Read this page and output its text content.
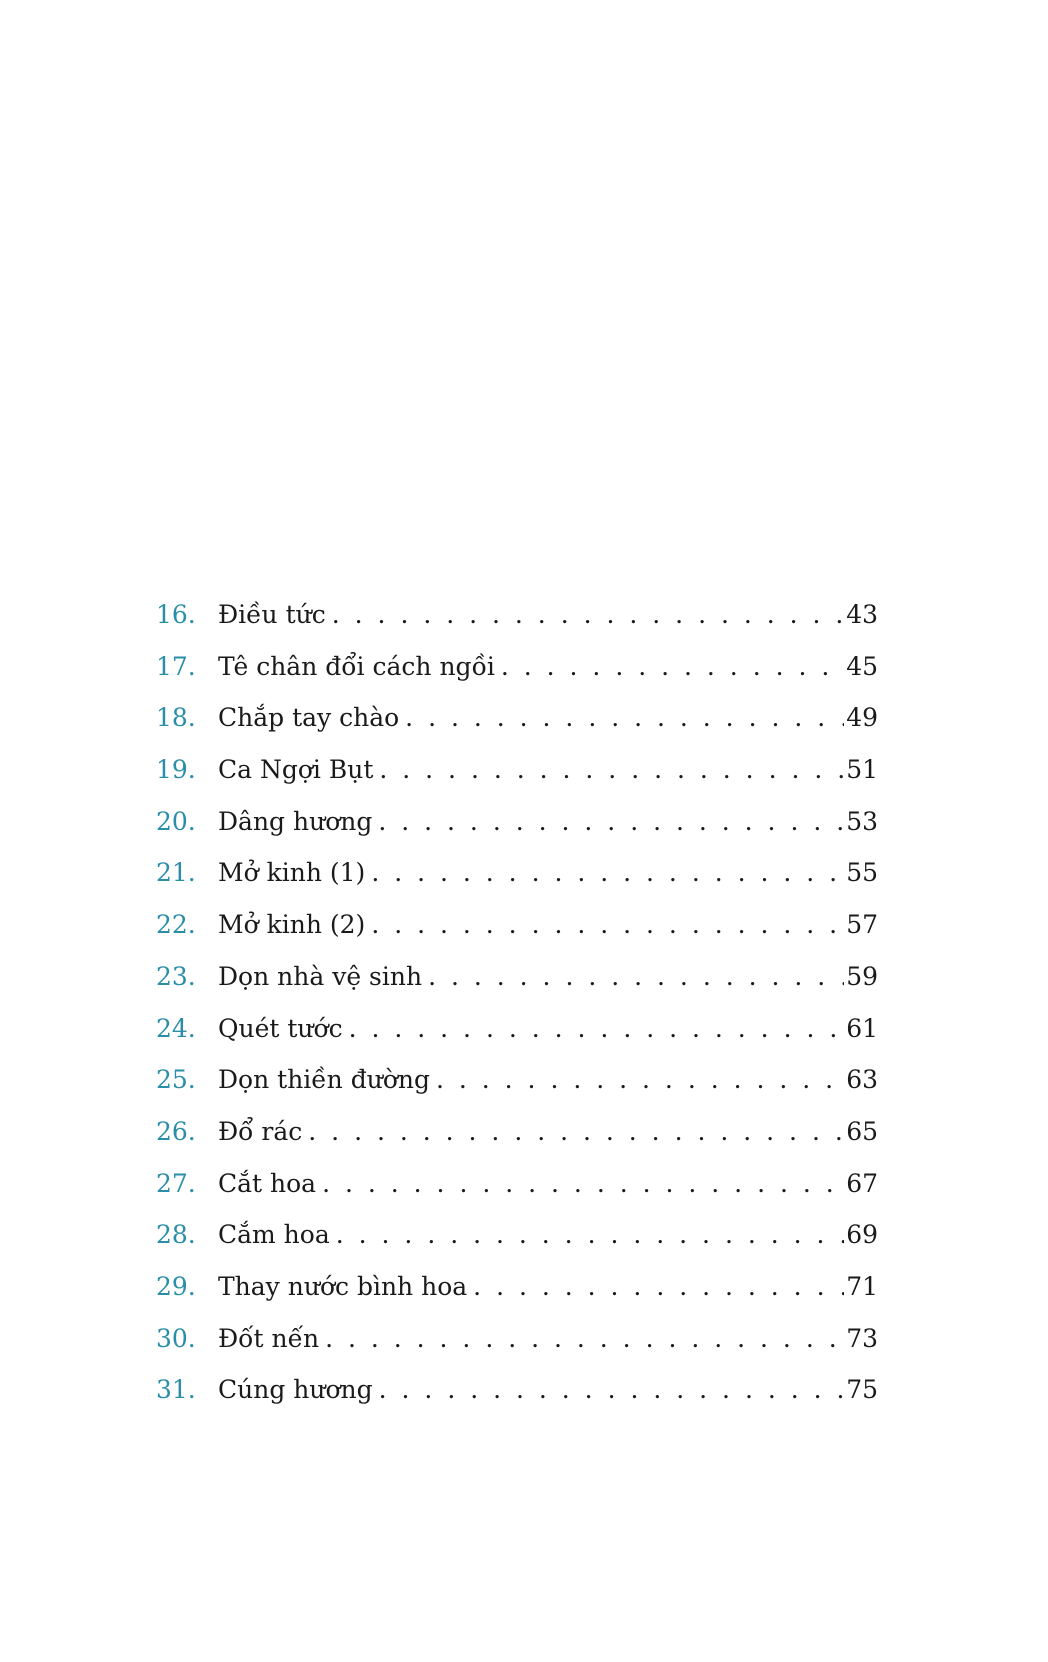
16. Điều tức . . .	43
17. Tê chân đổi cách ngồi . . .	45
18. Chắp tay chào . . .	49
19. Ca Ngợi Bụt . . .	51
20. Dâng hương . . .	53
21. Mở kinh (1) . . .	55
22. Mở kinh (2) . . .	57
23. Dọn nhà vệ sinh . . .	59
24. Quét tước . . .	61
25. Dọn thiền đường . . .	63
26. Đổ rác . . .	65
27. Cắt hoa . . .	67
28. Cắm hoa . . .	69
29. Thay nước bình hoa . . .	71
30. Đốt nến . . .	73
31. Cúng hương . . .	75
